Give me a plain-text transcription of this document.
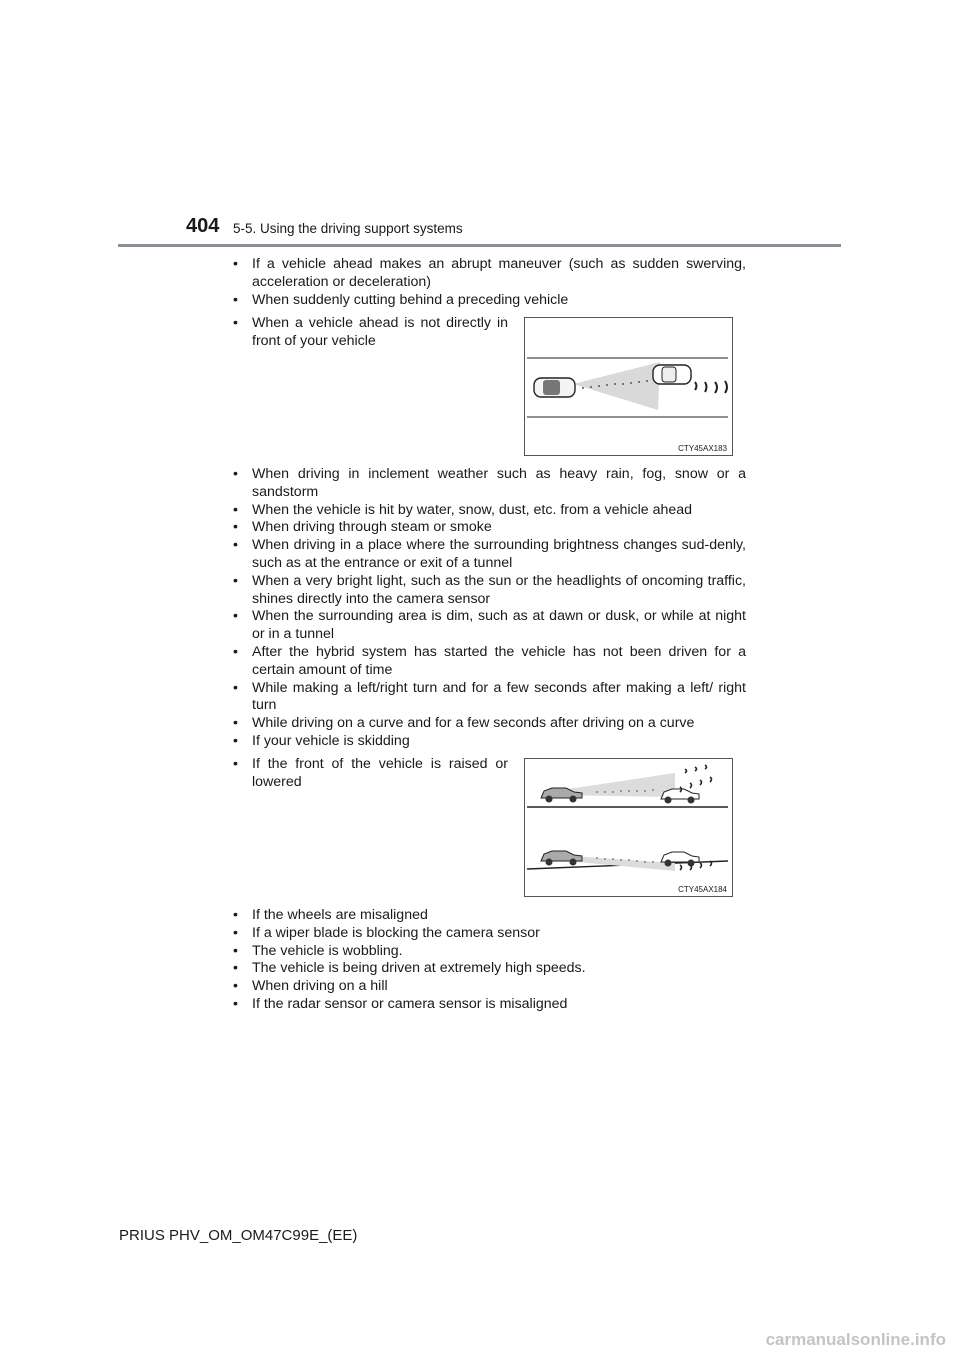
404 5-5. Using the driving support systems
• If a vehicle ahead makes an abrupt maneuver (such as sudden swerving, acceleration or deceleration)
• When suddenly cutting behind a preceding vehicle
• When a vehicle ahead is not directly in front of your vehicle
CTY45AX183
• When driving in inclement weather such as heavy rain, fog, snow or a sandstorm
• When the vehicle is hit by water, snow, dust, etc. from a vehicle ahead
• When driving through steam or smoke
• When driving in a place where the surrounding brightness changes sud-denly, such as at the entrance or exit of a tunnel
• When a very bright light, such as the sun or the headlights of oncoming traffic, shines directly into the camera sensor
• When the surrounding area is dim, such as at dawn or dusk, or while at night or in a tunnel
• After the hybrid system has started the vehicle has not been driven for a certain amount of time
• While making a left/right turn and for a few seconds after making a left/ right turn
• While driving on a curve and for a few seconds after driving on a curve
• If your vehicle is skidding
• If the front of the vehicle is raised or lowered
CTY45AX184
• If the wheels are misaligned
• If a wiper blade is blocking the camera sensor
• The vehicle is wobbling.
• The vehicle is being driven at extremely high speeds.
• When driving on a hill
• If the radar sensor or camera sensor is misaligned
PRIUS PHV_OM_OM47C99E_(EE)
carmanualsonline.info
